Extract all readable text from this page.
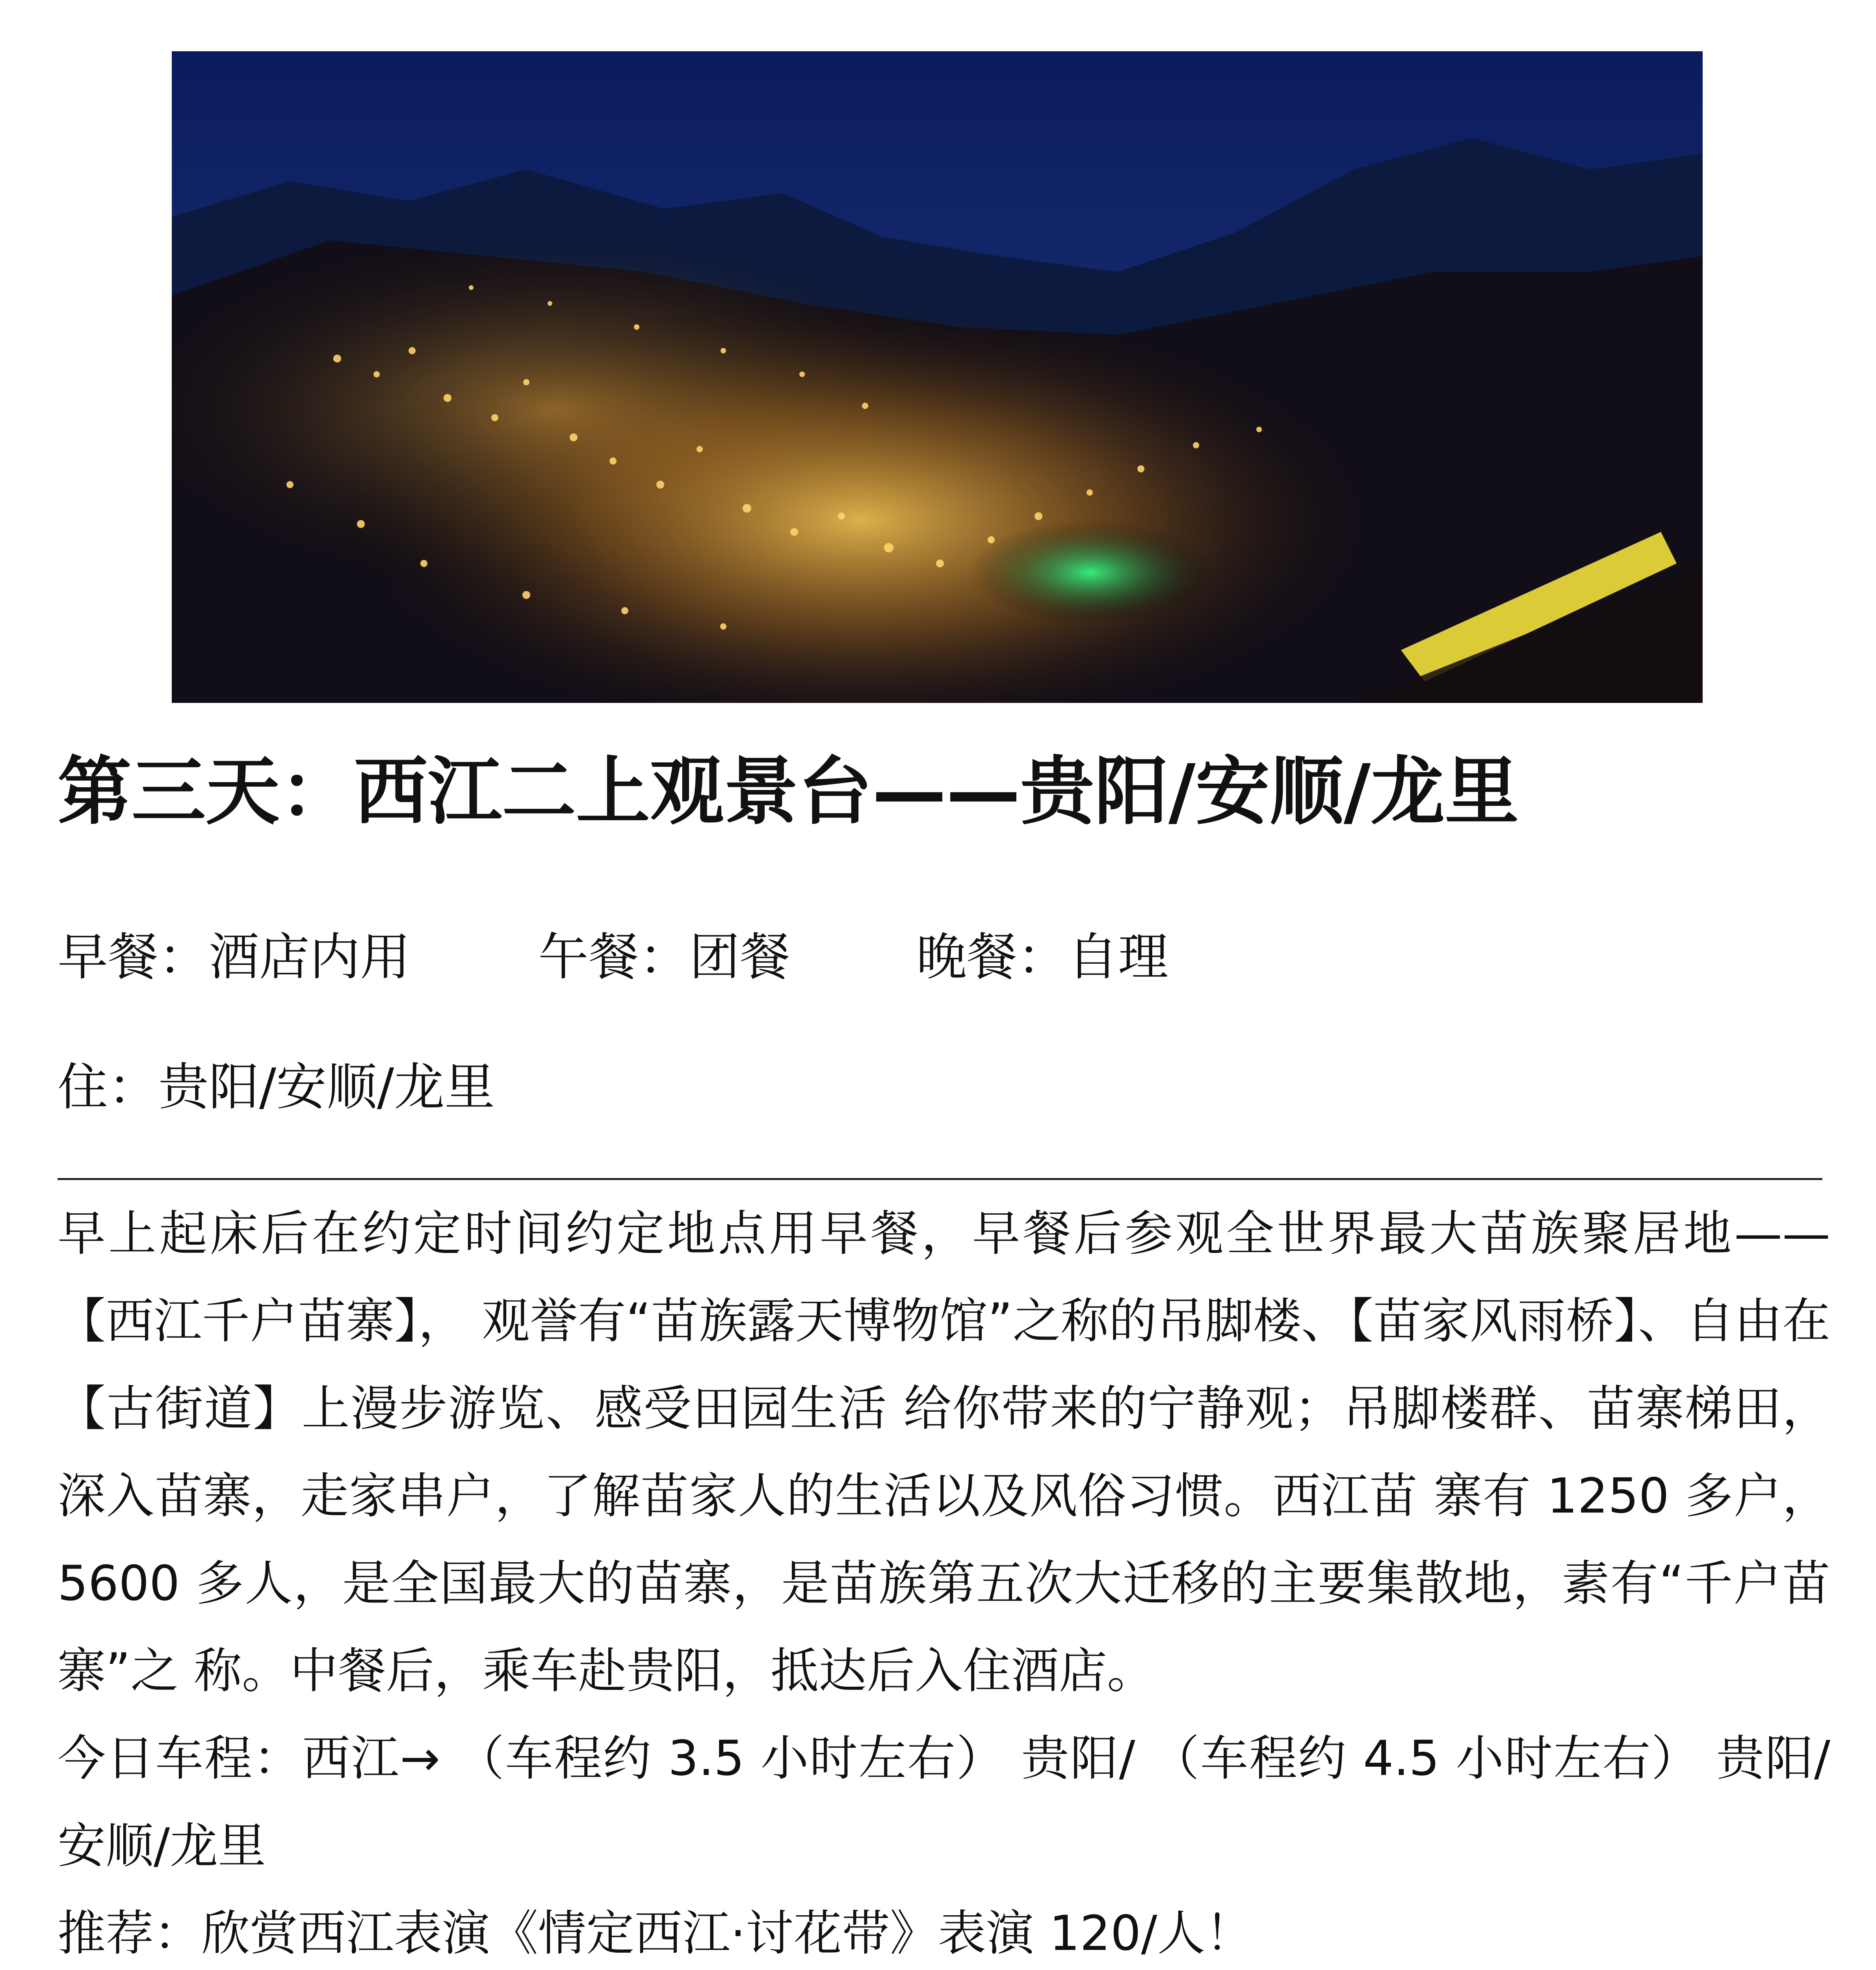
第三天：西江二上观景台——贵阳/安顺/龙里
早餐：酒店内用	午餐：团餐 晚餐：自理
住：贵阳/安顺/龙里

早上起床后在约定时间约定地点用早餐，早餐后参观全世界最大苗族聚居地——【西江千户苗寨】， 观誉有“苗族露天博物馆”之称的吊脚楼、【苗家风雨桥】、自由在【古街道】上漫步游览、感受田园生活 给你带来的宁静观；吊脚楼群、苗寨梯田，深入苗寨，走家串户，了解苗家人的生活以及风俗习惯。西江苗 寨有 1250 多户，5600 多人，是全国最大的苗寨，是苗族第五次大迁移的主要集散地，素有“千户苗寨”之 称。中餐后，乘车赴贵阳，抵达后入住酒店。

今日车程：西江→ （车程约 3.5 小时左右） 贵阳/ （车程约 4.5 小时左右） 贵阳/安顺/龙里

推荐：欣赏西江表演《情定西江·讨花带》表演 120/人！
